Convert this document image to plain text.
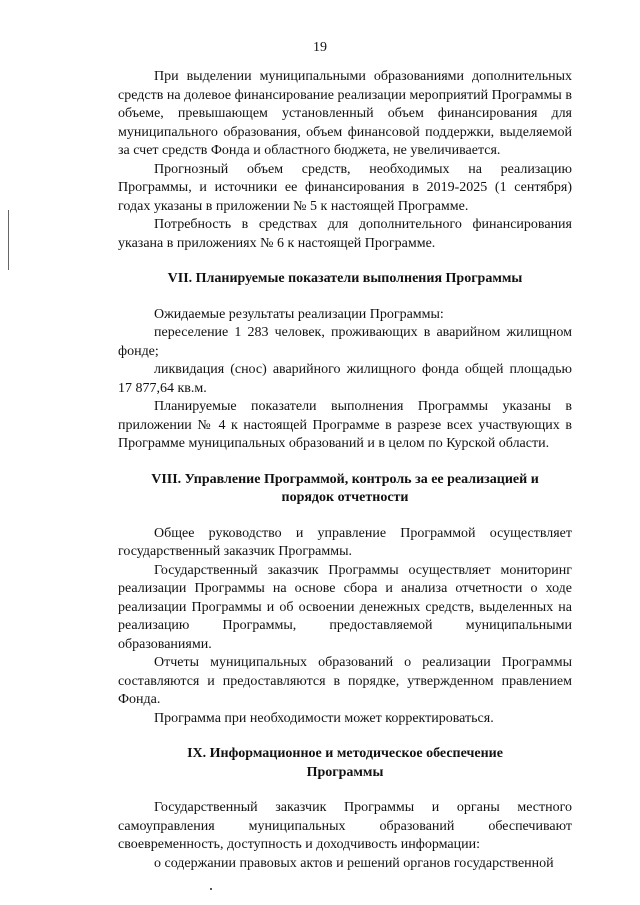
19

При выделении муниципальными образованиями дополнительных средств на долевое финансирование реализации мероприятий Программы в объеме, превышающем установленный объем финансирования для муниципального образования, объем финансовой поддержки, выделяемой за счет средств Фонда и областного бюджета, не увеличивается.

Прогнозный объем средств, необходимых на реализацию Программы, и источники ее финансирования в 2019-2025 (1 сентября) годах указаны в приложении № 5 к настоящей Программе.

Потребность в средствах для дополнительного финансирования указана в приложениях № 6 к настоящей Программе.

VII. Планируемые показатели выполнения Программы

Ожидаемые результаты реализации Программы:

переселение 1 283 человек, проживающих в аварийном жилищном фонде;

ликвидация (снос) аварийного жилищного фонда общей площадью 17 877,64 кв.м.

Планируемые показатели выполнения Программы указаны в приложении № 4 к настоящей Программе в разрезе всех участвующих в Программе муниципальных образований и в целом по Курской области.

VIII. Управление Программой, контроль за ее реализацией и
порядок отчетности

Общее руководство и управление Программой осуществляет государственный заказчик Программы.

Государственный заказчик Программы осуществляет мониторинг реализации Программы на основе сбора и анализа отчетности о ходе реализации Программы и об освоении денежных средств, выделенных на реализацию Программы, предоставляемой муниципальными образованиями.

Отчеты муниципальных образований о реализации Программы составляются и предоставляются в порядке, утвержденном правлением Фонда.

Программа при необходимости может корректироваться.

IX. Информационное и методическое обеспечение
Программы

Государственный заказчик Программы и органы местного самоуправления муниципальных образований обеспечивают своевременность, доступность и доходчивость информации:

о содержании правовых актов и решений органов государственной
